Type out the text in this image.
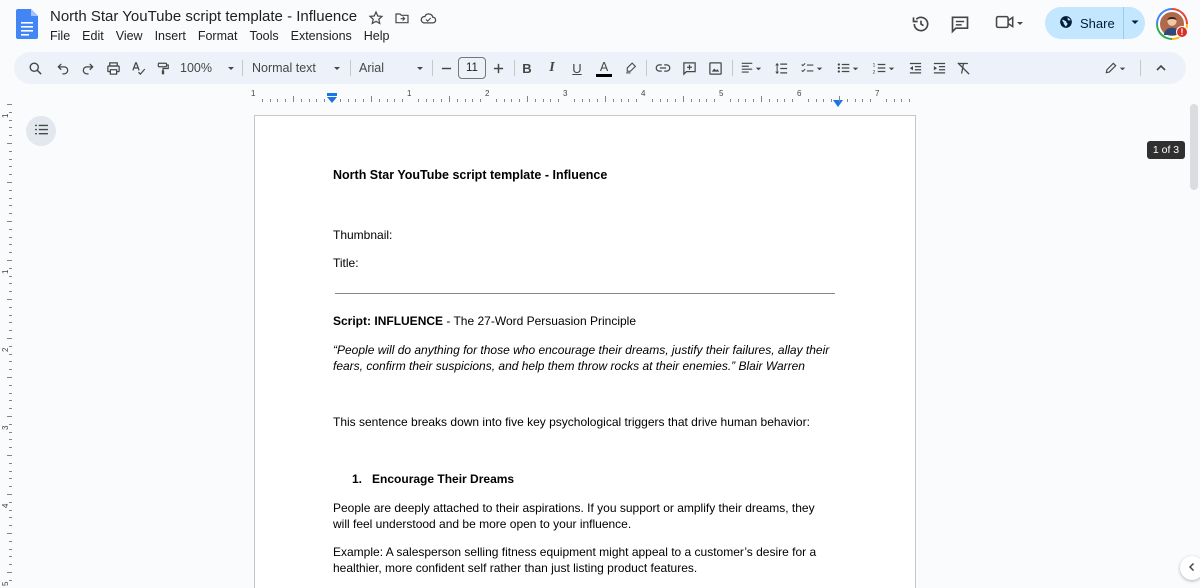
North Star YouTube script template - Influence
File Edit View Insert Format Tools Extensions Help
Share
!
100%	Normal text	Arial	11	B	I	U	A	1
2
1	1	2	3	4	5	6	7
1
1
2
3
4
5
North Star YouTube script template - Influence
Thumbnail:
Title:
Script: INFLUENCE - The 27-Word Persuasion Principle
“People will do anything for those who encourage their dreams, justify their failures, allay their fears, confirm their suspicions, and help them throw rocks at their enemies.” Blair Warren
This sentence breaks down into five key psychological triggers that drive human behavior:
1. Encourage Their Dreams
People are deeply attached to their aspirations. If you support or amplify their dreams, they will feel understood and be more open to your influence.
Example: A salesperson selling fitness equipment might appeal to a customer’s desire for a healthier, more confident self rather than just listing product features.
1 of 3
